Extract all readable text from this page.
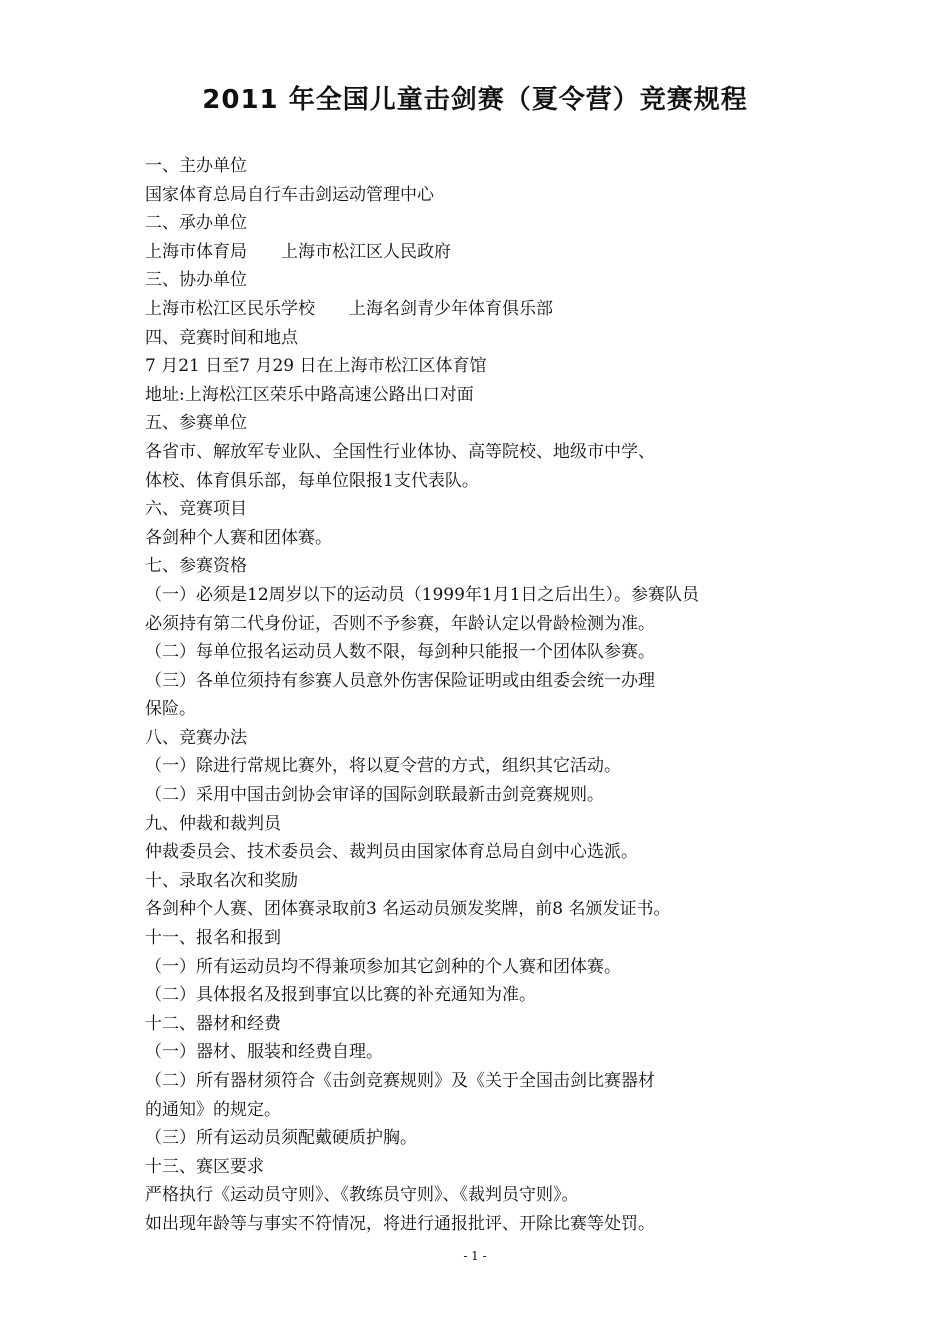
2011 年全国儿童击剑赛（夏令营）竞赛规程
一、主办单位
国家体育总局自行车击剑运动管理中心
二、承办单位
上海市体育局　　上海市松江区人民政府
三、协办单位
上海市松江区民乐学校　　上海名剑青少年体育俱乐部
四、竞赛时间和地点
7 月21 日至7 月29 日在上海市松江区体育馆
地址:上海松江区荣乐中路高速公路出口对面
五、参赛单位
各省市、解放军专业队、全国性行业体协、高等院校、地级市中学、
体校、体育俱乐部，每单位限报1支代表队。
六、竞赛项目
各剑种个人赛和团体赛。
七、参赛资格
（一）必须是12周岁以下的运动员（1999年1月1日之后出生）。参赛队员
必须持有第二代身份证，否则不予参赛，年龄认定以骨龄检测为准。
（二）每单位报名运动员人数不限，每剑种只能报一个团体队参赛。
（三）各单位须持有参赛人员意外伤害保险证明或由组委会统一办理
保险。
八、竞赛办法
（一）除进行常规比赛外，将以夏令营的方式，组织其它活动。
（二）采用中国击剑协会审译的国际剑联最新击剑竞赛规则。
九、仲裁和裁判员
仲裁委员会、技术委员会、裁判员由国家体育总局自剑中心选派。
十、录取名次和奖励
各剑种个人赛、团体赛录取前3 名运动员颁发奖牌，前8 名颁发证书。
十一、报名和报到
（一）所有运动员均不得兼项参加其它剑种的个人赛和团体赛。
（二）具体报名及报到事宜以比赛的补充通知为准。
十二、器材和经费
（一）器材、服装和经费自理。
（二）所有器材须符合《击剑竞赛规则》及《关于全国击剑比赛器材
的通知》的规定。
（三）所有运动员须配戴硬质护胸。
十三、赛区要求
严格执行《运动员守则》、《教练员守则》、《裁判员守则》。
如出现年龄等与事实不符情况，将进行通报批评、开除比赛等处罚。
- 1 -
